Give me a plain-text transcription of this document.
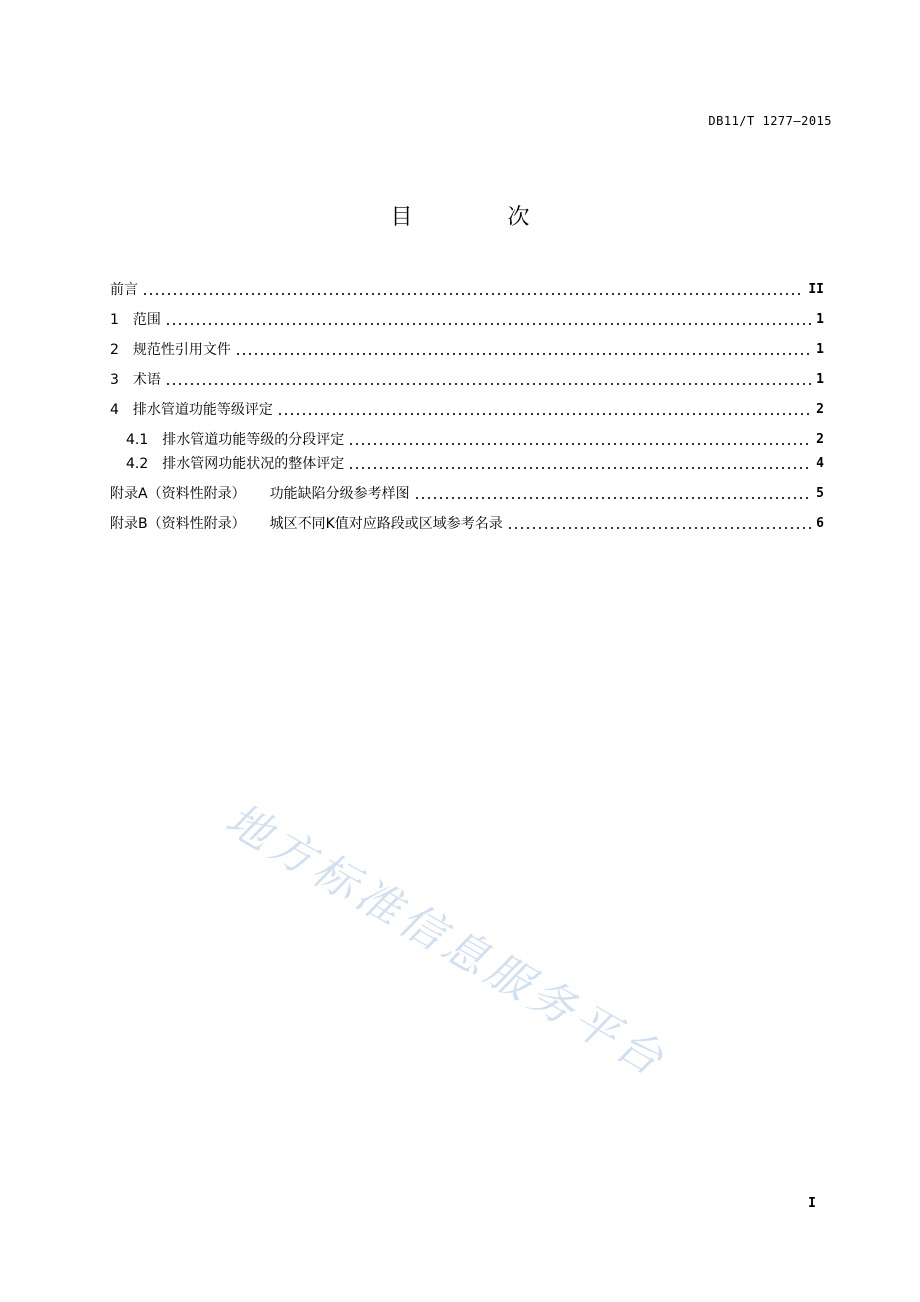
DB11/T 1277—2015
目 次
前言	II
1 范围	1
2 规范性引用文件	1
3 术语	1
4 排水管道功能等级评定	2
4.1 排水管道功能等级的分段评定	2
4.2 排水管网功能状况的整体评定	4
附录A（资料性附录） 功能缺陷分级参考样图	5
附录B（资料性附录） 城区不同K值对应路段或区域参考名录	6
地方标准信息服务平台
I
